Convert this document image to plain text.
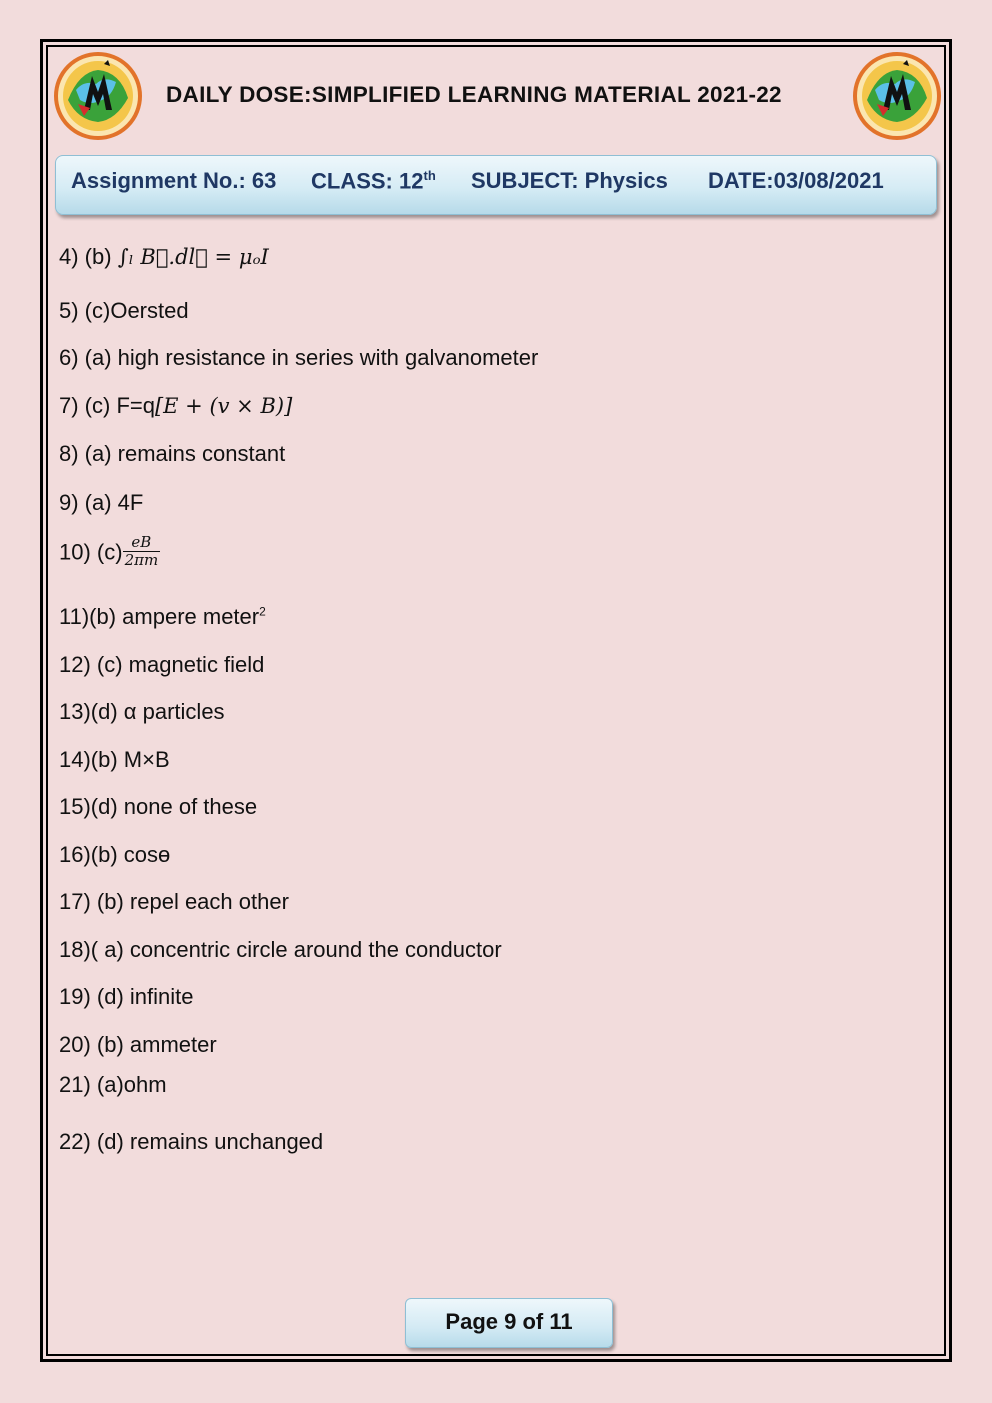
DAILY DOSE:SIMPLIFIED LEARNING MATERIAL 2021-22
Assignment No.: 63 CLASS: 12th SUBJECT: Physics DATE:03/08/2021
4) (b) ∫ₗ B⃗.dl⃗ = μₒI
5) (c)Oersted
6) (a) high resistance in series with galvanometer
7) (c) F=q[E + (v × B)]
8) (a) remains constant
9) (a) 4F
10) $(c) \frac{eB}{2\pi m}$
11)(b) ampere meter$^2$
12) (c) magnetic field
13)(d) α particles
14)(b) M×B
15)(d) none of these
16)(b) cosɵ
17) (b) repel each other
18)( a) concentric circle around the conductor
19) (d) infinite
20) (b) ammeter
21) (a)ohm
22) (d) remains unchanged
Page 9 of 11
